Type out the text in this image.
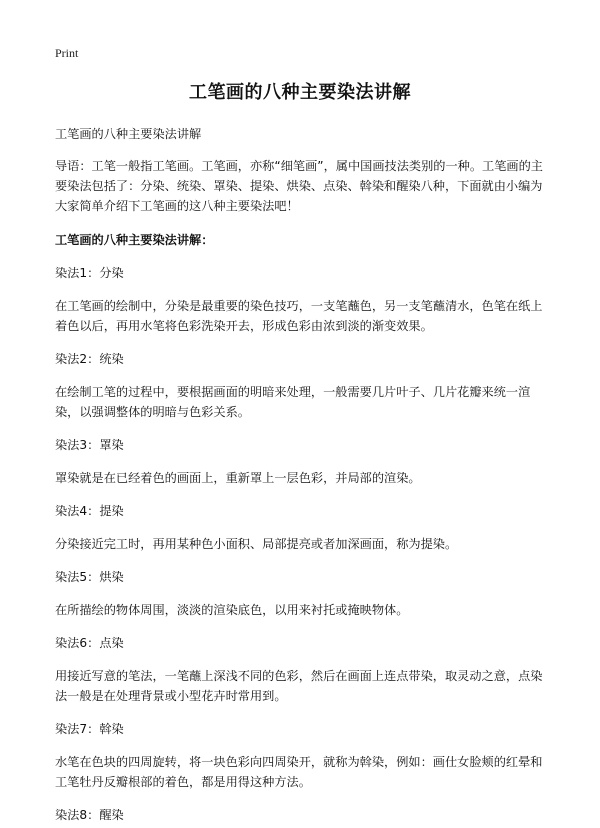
Print
工笔画的八种主要染法讲解

工笔画的八种主要染法讲解

导语：工笔一般指工笔画。工笔画，亦称“细笔画”，属中国画技法类别的一种。工笔画的主要染法包括了：分染、统染、罩染、提染、烘染、点染、斡染和醒染八种，下面就由小编为大家简单介绍下工笔画的这八种主要染法吧！

工笔画的八种主要染法讲解：

染法1：分染

在工笔画的绘制中，分染是最重要的染色技巧，一支笔蘸色，另一支笔蘸清水，色笔在纸上着色以后，再用水笔将色彩洗染开去，形成色彩由浓到淡的渐变效果。

染法2：统染

在绘制工笔的过程中，要根据画面的明暗来处理，一般需要几片叶子、几片花瓣来统一渲染，以强调整体的明暗与色彩关系。

染法3：罩染

罩染就是在已经着色的画面上，重新罩上一层色彩，并局部的渲染。

染法4：提染

分染接近完工时，再用某种色小面积、局部提亮或者加深画面，称为提染。

染法5：烘染

在所描绘的物体周围，淡淡的渲染底色，以用来衬托或掩映物体。

染法6：点染

用接近写意的笔法，一笔蘸上深浅不同的色彩，然后在画面上连点带染，取灵动之意，点染法一般是在处理背景或小型花卉时常用到。

染法7：斡染

水笔在色块的四周旋转，将一块色彩向四周染开，就称为斡染，例如：画仕女脸颊的红晕和工笔牡丹反瓣根部的着色，都是用得这种方法。

染法8：醒染
